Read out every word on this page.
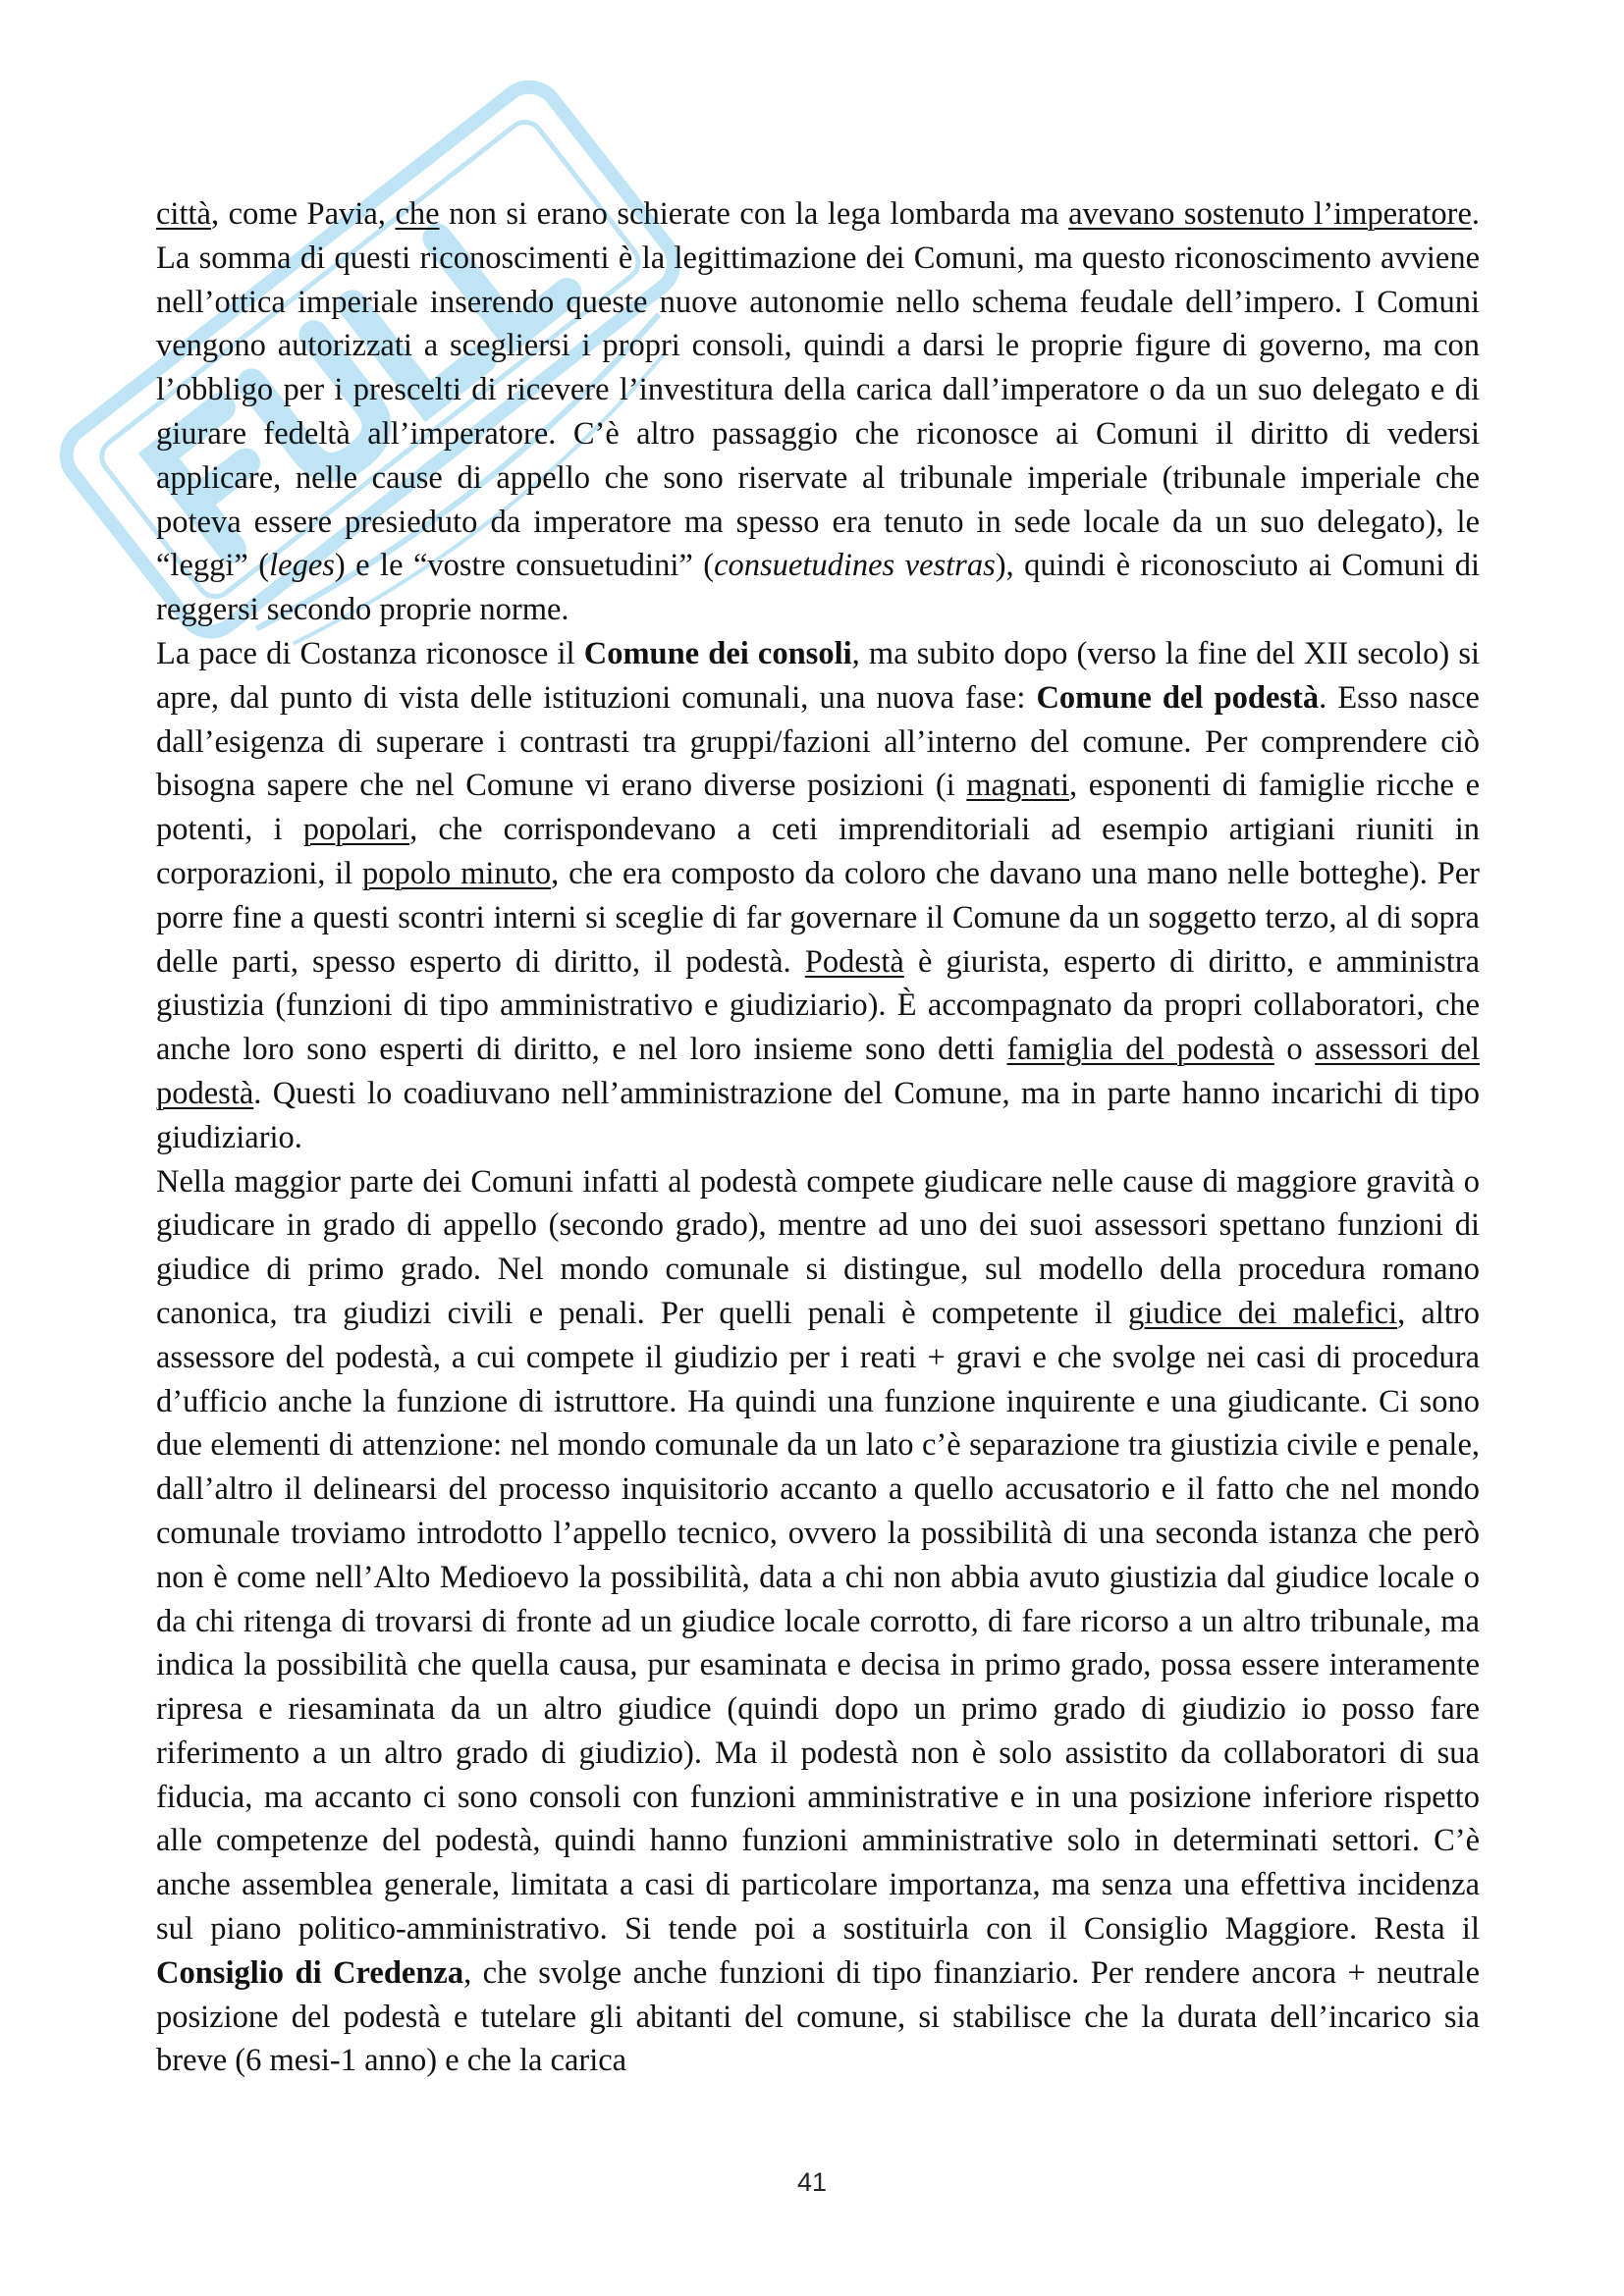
città, come Pavia, che non si erano schierate con la lega lombarda ma avevano sostenuto l’imperatore. La somma di questi riconoscimenti è la legittimazione dei Comuni, ma questo riconoscimento avviene nell’ottica imperiale inserendo queste nuove autonomie nello schema feudale dell’impero. I Comuni vengono autorizzati a scegliersi i propri consoli, quindi a darsi le proprie figure di governo, ma con l’obbligo per i prescelti di ricevere l’investitura della carica dall’imperatore o da un suo delegato e di giurare fedeltà all’imperatore. C’è altro passaggio che riconosce ai Comuni il diritto di vedersi applicare, nelle cause di appello che sono riservate al tribunale imperiale (tribunale imperiale che poteva essere presieduto da imperatore ma spesso era tenuto in sede locale da un suo delegato), le “leggi” (leges) e le “vostre consuetudini” (consuetudines vestras), quindi è riconosciuto ai Comuni di reggersi secondo proprie norme.

La pace di Costanza riconosce il Comune dei consoli, ma subito dopo (verso la fine del XII secolo) si apre, dal punto di vista delle istituzioni comunali, una nuova fase: Comune del podestà. Esso nasce dall’esigenza di superare i contrasti tra gruppi/fazioni all’interno del comune. Per comprendere ciò bisogna sapere che nel Comune vi erano diverse posizioni (i magnati, esponenti di famiglie ricche e potenti, i popolari, che corrispondevano a ceti imprenditoriali ad esempio artigiani riuniti in corporazioni, il popolo minuto, che era composto da coloro che davano una mano nelle botteghe). Per porre fine a questi scontri interni si sceglie di far governare il Comune da un soggetto terzo, al di sopra delle parti, spesso esperto di diritto, il podestà. Podestà è giurista, esperto di diritto, e amministra giustizia (funzioni di tipo amministrativo e giudiziario). È accompagnato da propri collaboratori, che anche loro sono esperti di diritto, e nel loro insieme sono detti famiglia del podestà o assessori del podestà. Questi lo coadiuvano nell’amministrazione del Comune, ma in parte hanno incarichi di tipo giudiziario.

Nella maggior parte dei Comuni infatti al podestà compete giudicare nelle cause di maggiore gravità o giudicare in grado di appello (secondo grado), mentre ad uno dei suoi assessori spettano funzioni di giudice di primo grado. Nel mondo comunale si distingue, sul modello della procedura romano canonica, tra giudizi civili e penali. Per quelli penali è competente il giudice dei malefici, altro assessore del podestà, a cui compete il giudizio per i reati + gravi e che svolge nei casi di procedura d’ufficio anche la funzione di istruttore. Ha quindi una funzione inquirente e una giudicante. Ci sono due elementi di attenzione: nel mondo comunale da un lato c’è separazione tra giustizia civile e penale, dall’altro il delinearsi del processo inquisitorio accanto a quello accusatorio e il fatto che nel mondo comunale troviamo introdotto l’appello tecnico, ovvero la possibilità di una seconda istanza che però non è come nell’Alto Medioevo la possibilità, data a chi non abbia avuto giustizia dal giudice locale o da chi ritenga di trovarsi di fronte ad un giudice locale corrotto, di fare ricorso a un altro tribunale, ma indica la possibilità che quella causa, pur esaminata e decisa in primo grado, possa essere interamente ripresa e riesaminata da un altro giudice (quindi dopo un primo grado di giudizio io posso fare riferimento a un altro grado di giudizio). Ma il podestà non è solo assistito da collaboratori di sua fiducia, ma accanto ci sono consoli con funzioni amministrative e in una posizione inferiore rispetto alle competenze del podestà, quindi hanno funzioni amministrative solo in determinati settori. C’è anche assemblea generale, limitata a casi di particolare importanza, ma senza una effettiva incidenza sul piano politico-amministrativo. Si tende poi a sostituirla con il Consiglio Maggiore. Resta il Consiglio di Credenza, che svolge anche funzioni di tipo finanziario. Per rendere ancora + neutrale posizione del podestà e tutelare gli abitanti del comune, si stabilisce che la durata dell’incarico sia breve (6 mesi-1 anno) e che la carica

41
